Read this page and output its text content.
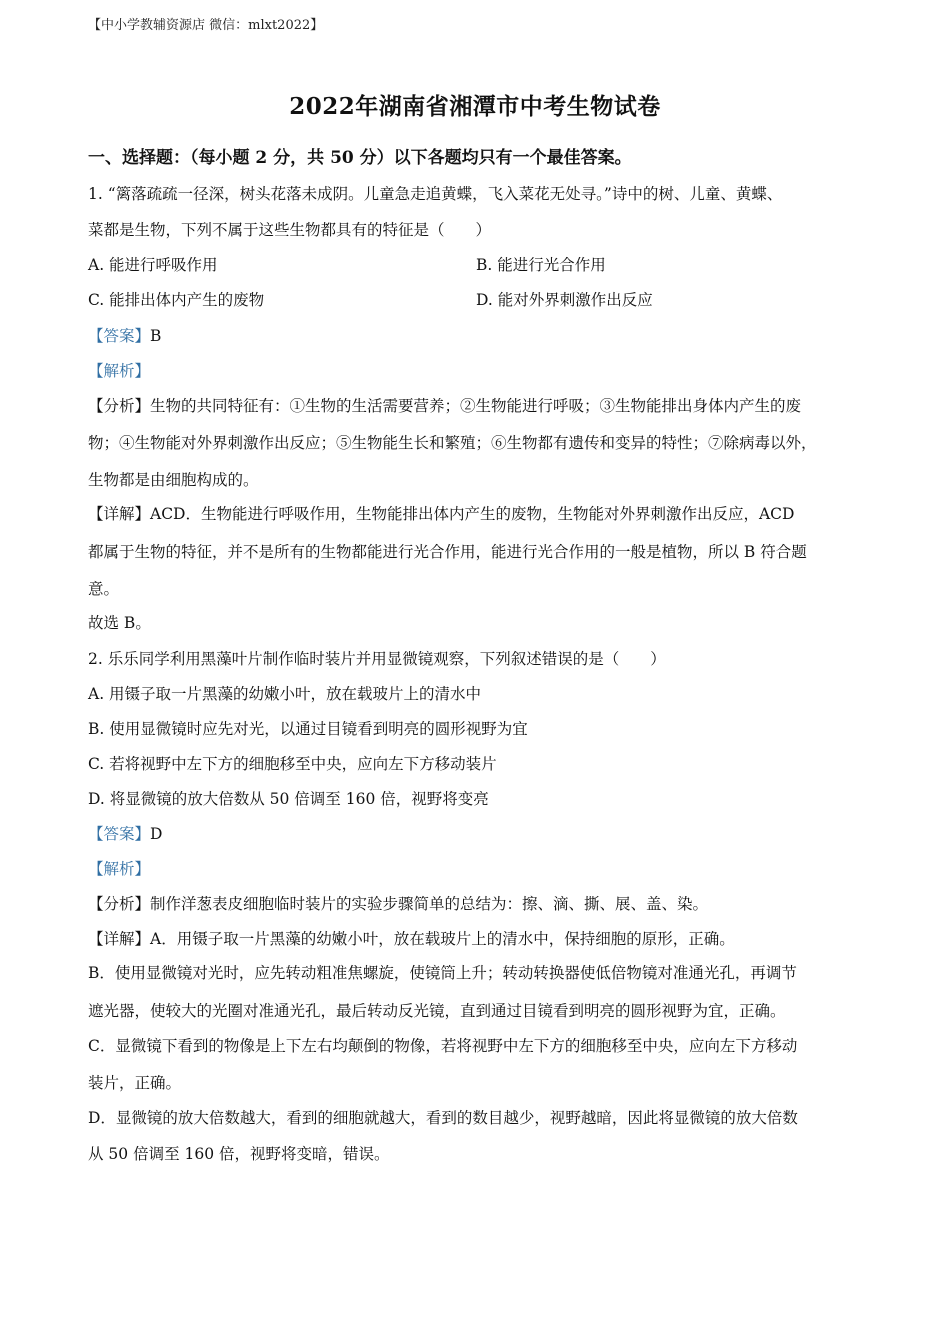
【中小学教辅资源店 微信：mlxt2022】
2022年湖南省湘潭市中考生物试卷
一、选择题：（每小题 2 分，共 50 分）以下各题均只有一个最佳答案。
1. “篱落疏疏一径深，树头花落未成阴。儿童急走追黄蝶，飞入菜花无处寻。”诗中的树、儿童、黄蝶、
菜都是生物，下列不属于这些生物都具有的特征是（　　）
A. 能进行呼吸作用	B. 能进行光合作用
C. 能排出体内产生的废物	D. 能对外界刺激作出反应
【答案】B
【解析】
【分析】生物的共同特征有：①生物的生活需要营养；②生物能进行呼吸；③生物能排出身体内产生的废
物；④生物能对外界刺激作出反应；⑤生物能生长和繁殖；⑥生物都有遗传和变异的特性；⑦除病毒以外，
生物都是由细胞构成的。
【详解】ACD．生物能进行呼吸作用，生物能排出体内产生的废物，生物能对外界刺激作出反应，ACD
都属于生物的特征，并不是所有的生物都能进行光合作用，能进行光合作用的一般是植物，所以 B 符合题
意。
故选 B。
2. 乐乐同学利用黑藻叶片制作临时装片并用显微镜观察，下列叙述错误的是（　　）
A. 用镊子取一片黑藻的幼嫩小叶，放在载玻片上的清水中
B. 使用显微镜时应先对光，以通过目镜看到明亮的圆形视野为宜
C. 若将视野中左下方的细胞移至中央，应向左下方移动装片
D. 将显微镜的放大倍数从 50 倍调至 160 倍，视野将变亮
【答案】D
【解析】
【分析】制作洋葱表皮细胞临时装片的实验步骤简单的总结为：擦、滴、撕、展、盖、染。
【详解】A．用镊子取一片黑藻的幼嫩小叶，放在载玻片上的清水中，保持细胞的原形，正确。
B．使用显微镜对光时，应先转动粗准焦螺旋，使镜筒上升；转动转换器使低倍物镜对准通光孔，再调节
遮光器，使较大的光圈对准通光孔，最后转动反光镜，直到通过目镜看到明亮的圆形视野为宜，正确。
C．显微镜下看到的物像是上下左右均颠倒的物像，若将视野中左下方的细胞移至中央，应向左下方移动
装片，正确。
D．显微镜的放大倍数越大，看到的细胞就越大，看到的数目越少，视野越暗，因此将显微镜的放大倍数
从 50 倍调至 160 倍，视野将变暗，错误。
